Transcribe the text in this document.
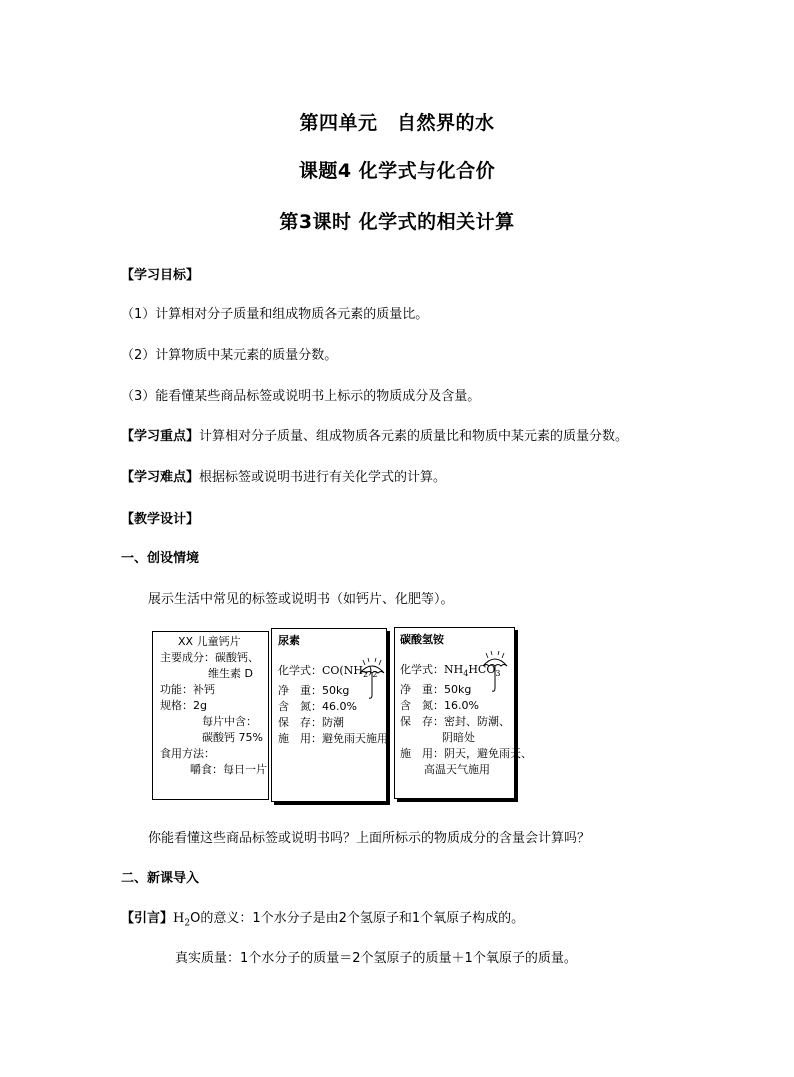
第四单元　自然界的水
课题4 化学式与化合价
第3课时 化学式的相关计算
【学习目标】
（1）计算相对分子质量和组成物质各元素的质量比。
（2）计算物质中某元素的质量分数。
（3）能看懂某些商品标签或说明书上标示的物质成分及含量。
【学习重点】计算相对分子质量、组成物质各元素的质量比和物质中某元素的质量分数。
【学习难点】根据标签或说明书进行有关化学式的计算。
【教学设计】
一、创设情境
展示生活中常见的标签或说明书（如钙片、化肥等）。
XX 儿童钙片
主要成分：碳酸钙、
维生素 D
功能：补钙
规格：2g
每片中含：
碳酸钙 75%
食用方法：
嚼食：每日一片
尿素
化学式：$CO(NH_2)_2$
净　重：50kg
含　氮：46.0%
保　存：防潮
施　用：避免雨天施用
碳酸氢铵
化学式：$NH_4HCO_3$
净　重：50kg
含　氮：16.0%
保　存：密封、防潮、
阴暗处
施　用：阴天，避免雨天、
高温天气施用
你能看懂这些商品标签或说明书吗？上面所标示的物质成分的含量会计算吗？
二、新课导入
【引言】$H_2O$的意义：1个水分子是由2个氢原子和1个氧原子构成的。
真实质量：1个水分子的质量＝2个氢原子的质量＋1个氧原子的质量。
